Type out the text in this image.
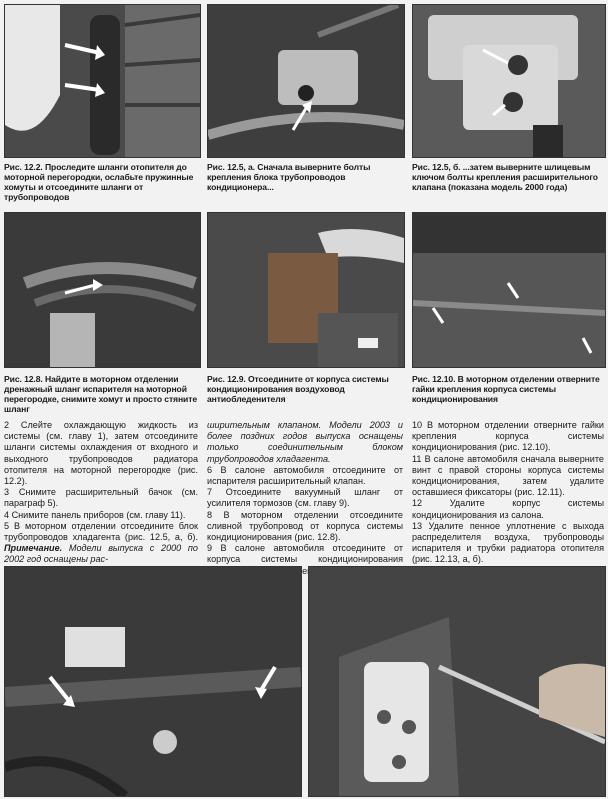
Рис. 12.2. Проследите шланги отопителя до моторной перегородки, ослабьте пружинные хомуты и отсоедините шланги от трубопроводов
Рис. 12.5, а. Сначала выверните болты крепления блока трубопроводов кондиционера...
Рис. 12.5, б. ...затем выверните шлицевым ключом болты крепления расширительного клапана (показана модель 2000 года)
Рис. 12.8. Найдите в моторном отделении дренажный шланг испарителя на моторной перегородке, снимите хомут и просто стяните шланг
Рис. 12.9. Отсоедините от корпуса системы кондиционирования воздуховод антиобледенителя
Рис. 12.10. В моторном отделении отверните гайки крепления корпуса системы кондиционирования

2 Слейте охлаждающую жидкость из системы (см. главу 1), затем отсоедините шланги системы охлаждения от входного и выходного трубопроводов радиатора отопителя на моторной перегородке (рис. 12.2).

3 Снимите расширительный бачок (см. параграф 5).

4 Снимите панель приборов (см. главу 11).

5 В моторном отделении отсоедините блок трубопроводов хладагента (рис. 12.5, а, б). Примечание. Модели выпуска с 2000 по 2002 год оснащены рас-

ширительным клапаном. Модели 2003 и более поздних годов выпуска оснащены только соединительным блоком трубопроводов хладагента.

6 В салоне автомобиля отсоедините от испарителя расширительный клапан.

7 Отсоедините вакуумный шланг от усилителя тормозов (см. главу 9).

8 В моторном отделении отсоедините сливной трубопровод от корпуса системы кондиционирования (рис. 12.8).

9 В салоне автомобиля отсоедините от корпуса системы кондиционирования

10 В моторном отделении отверните гайки крепления корпуса системы кондиционирования (рис. 12.10).

11 В салоне автомобиля сначала выверните винт с правой стороны корпуса системы кондиционирования, затем удалите оставшиеся фиксаторы (рис. 12.11).

12 Удалите корпус системы кондиционирования из салона.

13 Удалите пенное уплотнение с выхода распределителя воздуха, трубопроводы испарителя и трубки радиатора отопителя (рис. 12.13, а, б).
